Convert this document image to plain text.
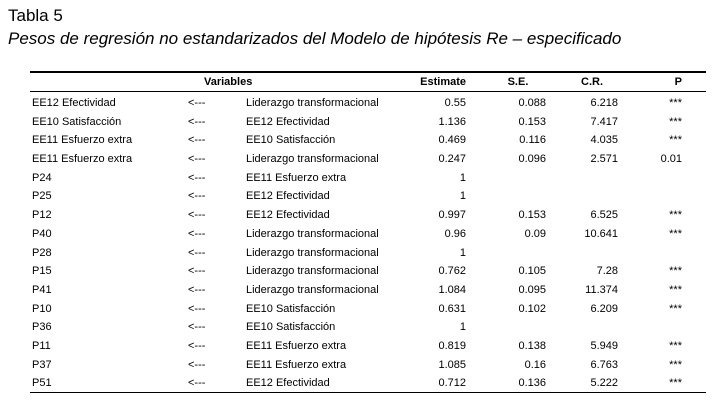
Tabla 5

Pesos de regresión no estandarizados del Modelo de hipótesis Re – especificado

Variables	Estimate	S.E.	C.R.	P
EE12 Efectividad	<---	Liderazgo transformacional	0.55	0.088	6.218	***
EE10 Satisfacción	<---	EE12 Efectividad	1.136	0.153	7.417	***
EE11 Esfuerzo extra	<---	EE10 Satisfacción	0.469	0.116	4.035	***
EE11 Esfuerzo extra	<---	Liderazgo transformacional	0.247	0.096	2.571	0.01
P24	<---	EE11 Esfuerzo extra	1
P25	<---	EE12 Efectividad	1
P12	<---	EE12 Efectividad	0.997	0.153	6.525	***
P40	<---	Liderazgo transformacional	0.96	0.09	10.641	***
P28	<---	Liderazgo transformacional	1
P15	<---	Liderazgo transformacional	0.762	0.105	7.28	***
P41	<---	Liderazgo transformacional	1.084	0.095	11.374	***
P10	<---	EE10 Satisfacción	0.631	0.102	6.209	***
P36	<---	EE10 Satisfacción	1
P11	<---	EE11 Esfuerzo extra	0.819	0.138	5.949	***
P37	<---	EE11 Esfuerzo extra	1.085	0.16	6.763	***
P51	<---	EE12 Efectividad	0.712	0.136	5.222	***
